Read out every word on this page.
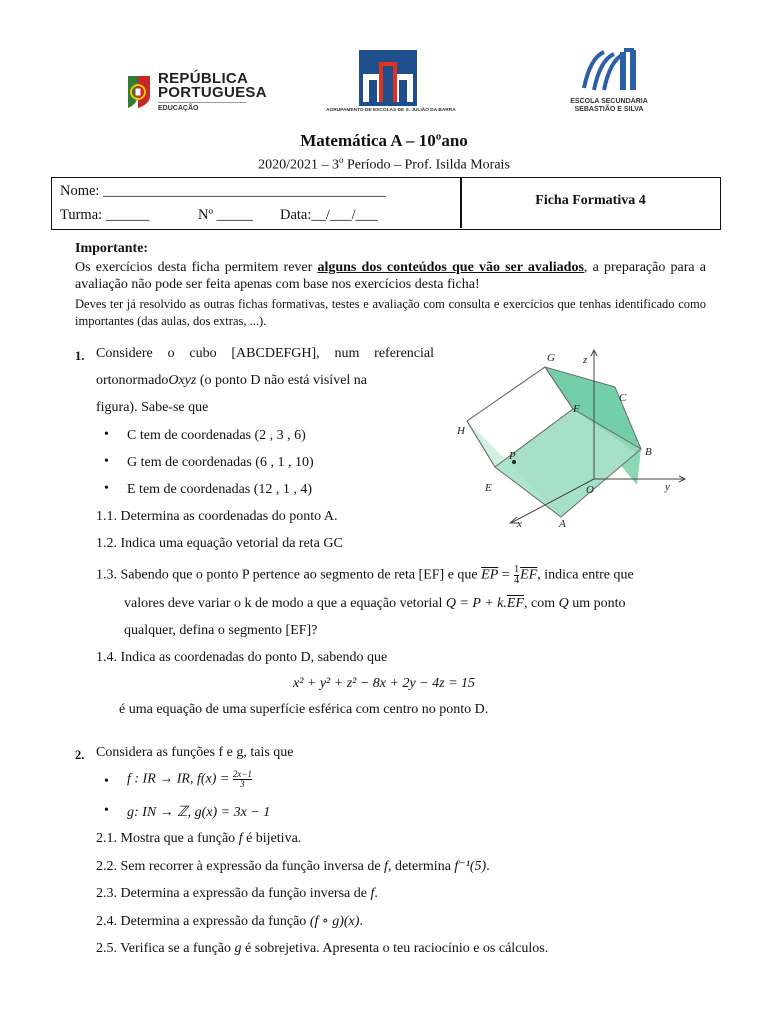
REPÚBLICA
PORTUGUESA
EDUCAÇÃO	AGRUPAMENTO DE ESCOLAS DE S. JULIÃO DA BARRA
ESCOLA SECUNDÁRIA
SEBASTIÃO E SILVA
Matemática A – 10ºano
2020/2021 – 3$^o$ Período – Prof. Isilda Morais
Nome: _______________________________________
Turma: ______	Nº _____ Data:__/___/___
Ficha Formativa 4
Importante:
Os exercícios desta ficha permitem rever alguns dos conteúdos que vão ser avaliados, a preparação para a avaliação não pode ser feita apenas com base nos exercícios desta ficha!
Deves ter já resolvido as outras fichas formativas, testes e avaliação com consulta e exercícios que tenhas identificado como importantes (das aulas, dos extras, ...).
1. Considere o cubo [ABCDEFGH], num referencial
ortonormado Oxyz (o ponto D não está visível na
figura). Sabe-se que
• C tem de coordenadas (2 , 3 , 6)
• G tem de coordenadas (6 , 1 , 10)
• E tem de coordenadas (12 , 1 , 4)
G	z
C
F
H
P	B
E	O	y
x	A
1.1. Determina as coordenadas do ponto A.
1.2. Indica uma equação vetorial da reta GC
1.3. Sabendo que o ponto P pertence ao segmento de reta [EF] e que $\overline{EP} = \frac{1}{4} \overline{EF}$, indica entre que
valores deve variar o k de modo a que a equação vetorial $Q = P + k.\overline{EF}$, com Q um ponto
qualquer, defina o segmento [EF]?
1.4. Indica as coordenadas do ponto D, sabendo que
x² + y² + z² − 8x + 2y − 4z = 15
é uma equação de uma superfície esférica com centro no ponto D.
2. Considera as funções f e g, tais que
• f : IR → IR, $f(x) = \frac{2x-1}{3}$
• g: IN → ℤ, g(x) = 3x − 1
2.1. Mostra que a função f é bijetiva.
2.2. Sem recorrer à expressão da função inversa de f, determina f⁻¹(5).
2.3. Determina a expressão da função inversa de f.
2.4. Determina a expressão da função (f ∘ g)(x).
2.5. Verifica se a função g é sobrejetiva. Apresenta o teu raciocínio e os cálculos.
